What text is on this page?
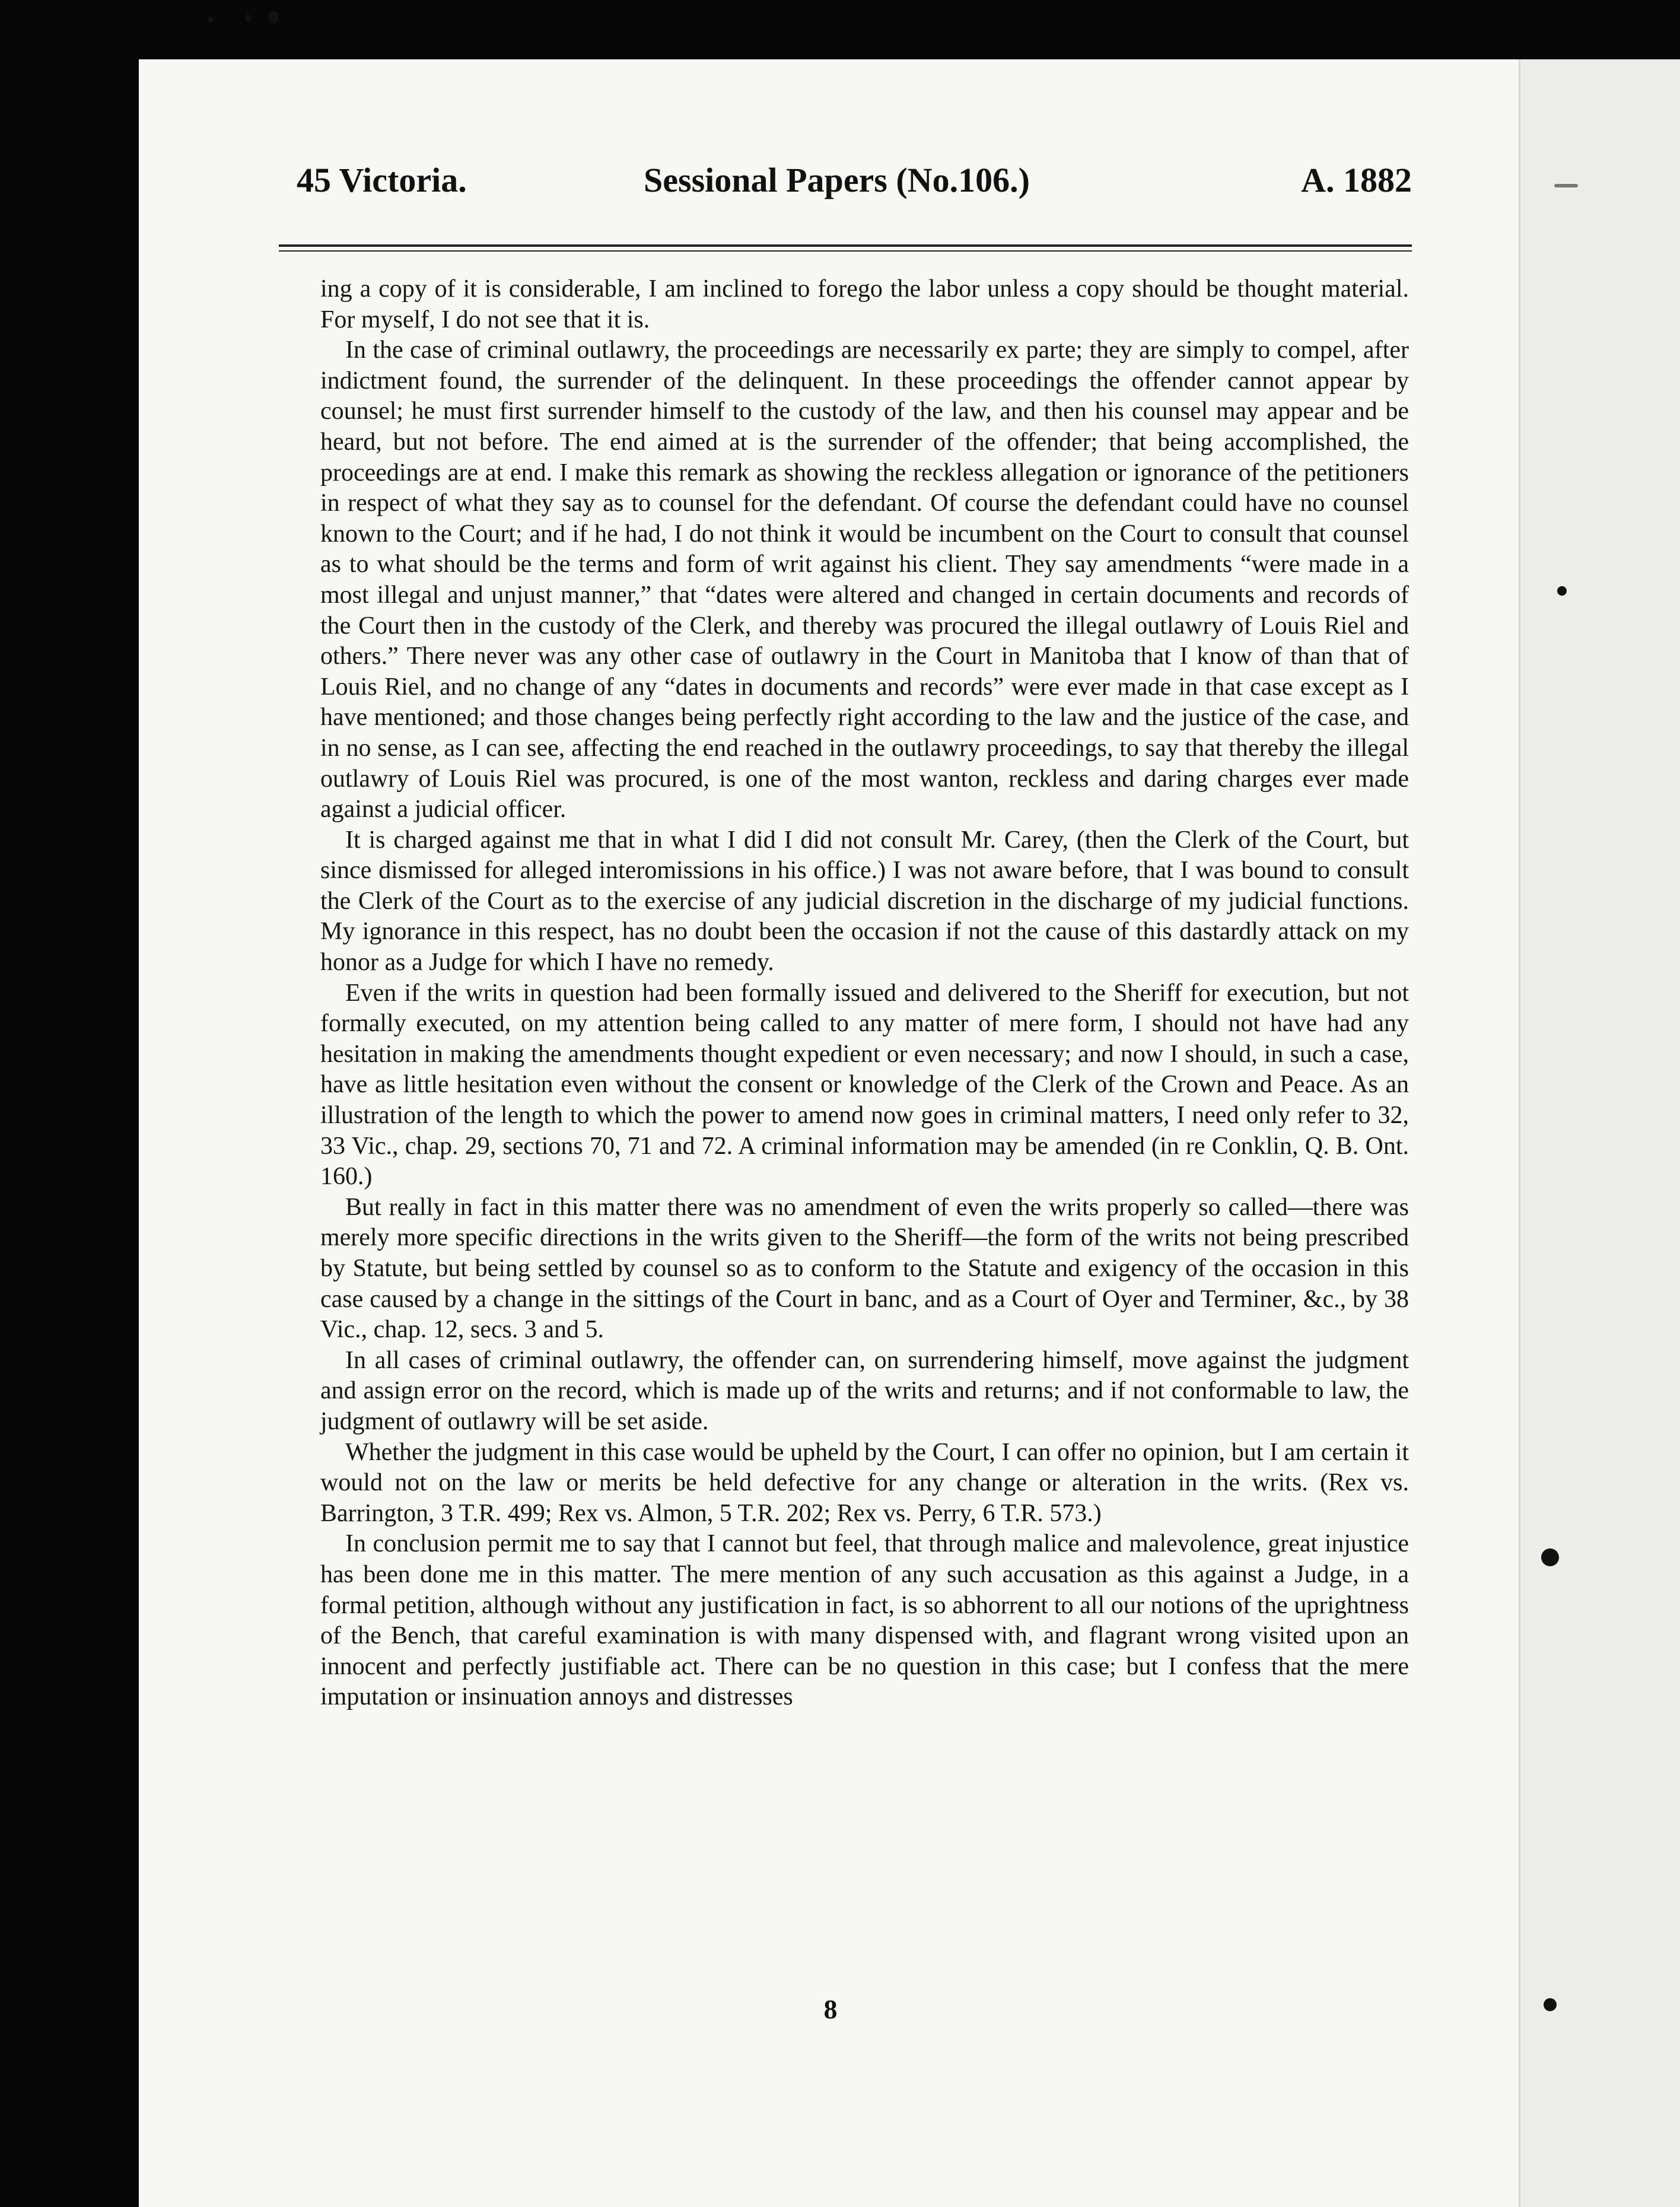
45 Victoria.	Sessional Papers (No.106.)	A. 1882

ing a copy of it is considerable, I am inclined to forego the labor unless a copy should be thought material. For myself, I do not see that it is.

In the case of criminal outlawry, the proceedings are necessarily ex parte; they are simply to compel, after indictment found, the surrender of the delinquent. In these proceedings the offender cannot appear by counsel; he must first surrender himself to the custody of the law, and then his counsel may appear and be heard, but not before. The end aimed at is the surrender of the offender; that being accomplished, the proceedings are at end. I make this remark as showing the reckless allegation or ignorance of the petitioners in respect of what they say as to counsel for the defendant. Of course the defendant could have no counsel known to the Court; and if he had, I do not think it would be incumbent on the Court to consult that counsel as to what should be the terms and form of writ against his client. They say amendments “were made in a most illegal and unjust manner,” that “dates were altered and changed in certain documents and records of the Court then in the custody of the Clerk, and thereby was procured the illegal outlawry of Louis Riel and others.” There never was any other case of outlawry in the Court in Manitoba that I know of than that of Louis Riel, and no change of any “dates in documents and records” were ever made in that case except as I have mentioned; and those changes being perfectly right according to the law and the justice of the case, and in no sense, as I can see, affecting the end reached in the outlawry proceedings, to say that thereby the illegal outlawry of Louis Riel was procured, is one of the most wanton, reckless and daring charges ever made against a judicial officer.

It is charged against me that in what I did I did not consult Mr. Carey, (then the Clerk of the Court, but since dismissed for alleged interomissions in his office.) I was not aware before, that I was bound to consult the Clerk of the Court as to the exercise of any judicial discretion in the discharge of my judicial functions. My ignorance in this respect, has no doubt been the occasion if not the cause of this dastardly attack on my honor as a Judge for which I have no remedy.

Even if the writs in question had been formally issued and delivered to the Sheriff for execution, but not formally executed, on my attention being called to any matter of mere form, I should not have had any hesitation in making the amendments thought expedient or even necessary; and now I should, in such a case, have as little hesitation even without the consent or knowledge of the Clerk of the Crown and Peace. As an illustration of the length to which the power to amend now goes in criminal matters, I need only refer to 32, 33 Vic., chap. 29, sections 70, 71 and 72. A criminal information may be amended (in re Conklin, Q. B. Ont. 160.)

But really in fact in this matter there was no amendment of even the writs properly so called—there was merely more specific directions in the writs given to the Sheriff—the form of the writs not being prescribed by Statute, but being settled by counsel so as to conform to the Statute and exigency of the occasion in this case caused by a change in the sittings of the Court in banc, and as a Court of Oyer and Terminer, &c., by 38 Vic., chap. 12, secs. 3 and 5.

In all cases of criminal outlawry, the offender can, on surrendering himself, move against the judgment and assign error on the record, which is made up of the writs and returns; and if not conformable to law, the judgment of outlawry will be set aside.

Whether the judgment in this case would be upheld by the Court, I can offer no opinion, but I am certain it would not on the law or merits be held defective for any change or alteration in the writs. (Rex vs. Barrington, 3 T.R. 499; Rex vs. Almon, 5 T.R. 202; Rex vs. Perry, 6 T.R. 573.)

In conclusion permit me to say that I cannot but feel, that through malice and malevolence, great injustice has been done me in this matter. The mere mention of any such accusation as this against a Judge, in a formal petition, although without any justification in fact, is so abhorrent to all our notions of the uprightness of the Bench, that careful examination is with many dispensed with, and flagrant wrong visited upon an innocent and perfectly justifiable act. There can be no question in this case; but I confess that the mere imputation or insinuation annoys and distresses

8
